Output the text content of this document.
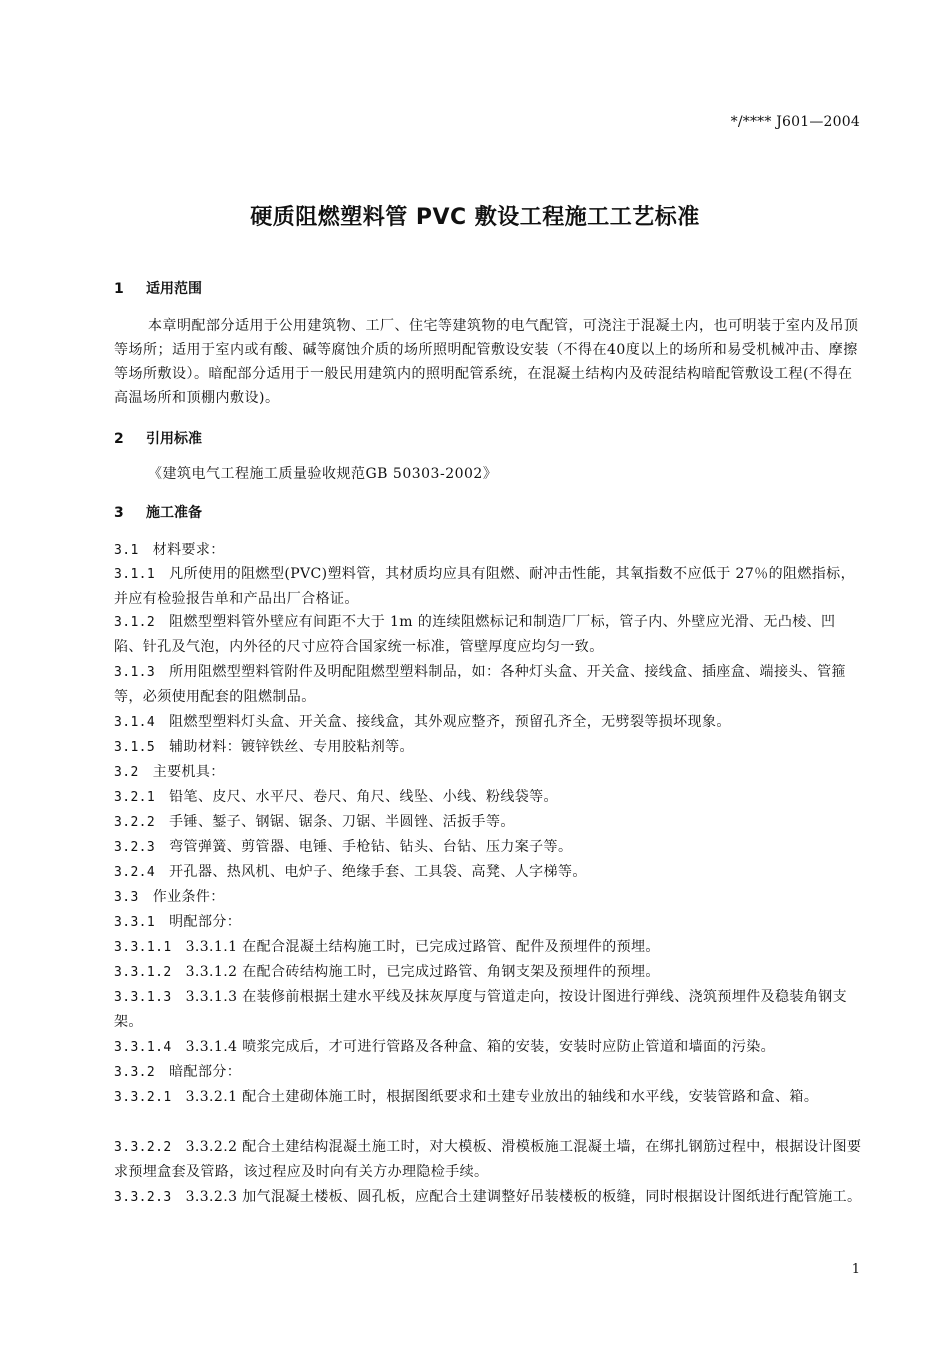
*/**** J601—2004
硬质阻燃塑料管 PVC 敷设工程施工工艺标准
1 适用范围
本章明配部分适用于公用建筑物、工厂、住宅等建筑物的电气配管，可浇注于混凝土内，也可明装于室内及吊顶等场所；适用于室内或有酸、碱等腐蚀介质的场所照明配管敷设安装（不得在40度以上的场所和易受机械冲击、摩擦等场所敷设）。暗配部分适用于一般民用建筑内的照明配管系统，在混凝土结构内及砖混结构暗配管敷设工程(不得在高温场所和顶棚内敷设)。
2 引用标准
《建筑电气工程施工质量验收规范GB 50303-2002》
3 施工准备
3.1 材料要求：
3.1.1 凡所使用的阻燃型(PVC)塑料管，其材质均应具有阻燃、耐冲击性能，其氧指数不应低于 27％的阻燃指标，并应有检验报告单和产品出厂合格证。
3.1.2 阻燃型塑料管外壁应有间距不大于 1m 的连续阻燃标记和制造厂厂标，管子内、外壁应光滑、无凸棱、凹陷、针孔及气泡，内外径的尺寸应符合国家统一标准，管壁厚度应均匀一致。
3.1.3 所用阻燃型塑料管附件及明配阻燃型塑料制品，如：各种灯头盒、开关盒、接线盒、插座盒、端接头、管箍等，必须使用配套的阻燃制品。
3.1.4 阻燃型塑料灯头盒、开关盒、接线盒，其外观应整齐，预留孔齐全，无劈裂等损坏现象。
3.1.5 辅助材料：镀锌铁丝、专用胶粘剂等。
3.2 主要机具：
3.2.1 铅笔、皮尺、水平尺、卷尺、角尺、线坠、小线、粉线袋等。
3.2.2 手锤、錾子、钢锯、锯条、刀锯、半圆锉、活扳手等。
3.2.3 弯管弹簧、剪管器、电锤、手枪钻、钻头、台钻、压力案子等。
3.2.4 开孔器、热风机、电炉子、绝缘手套、工具袋、高凳、人字梯等。
3.3 作业条件：
3.3.1 明配部分：
3.3.1.1 3.3.1.1 在配合混凝土结构施工时，已完成过路管、配件及预埋件的预埋。
3.3.1.2 3.3.1.2 在配合砖结构施工时，已完成过路管、角钢支架及预埋件的预埋。
3.3.1.3 3.3.1.3 在装修前根据土建水平线及抹灰厚度与管道走向，按设计图进行弹线、浇筑预埋件及稳装角钢支架。
3.3.1.4 3.3.1.4 喷浆完成后，才可进行管路及各种盒、箱的安装，安装时应防止管道和墙面的污染。
3.3.2 暗配部分：
3.3.2.1 3.3.2.1 配合土建砌体施工时，根据图纸要求和土建专业放出的轴线和水平线，安装管路和盒、箱。
3.3.2.2 3.3.2.2 配合土建结构混凝土施工时，对大模板、滑模板施工混凝土墙，在绑扎钢筋过程中，根据设计图要求预埋盒套及管路，该过程应及时向有关方办理隐检手续。
3.3.2.3 3.3.2.3 加气混凝土楼板、圆孔板，应配合土建调整好吊装楼板的板缝，同时根据设计图纸进行配管施工。
1
